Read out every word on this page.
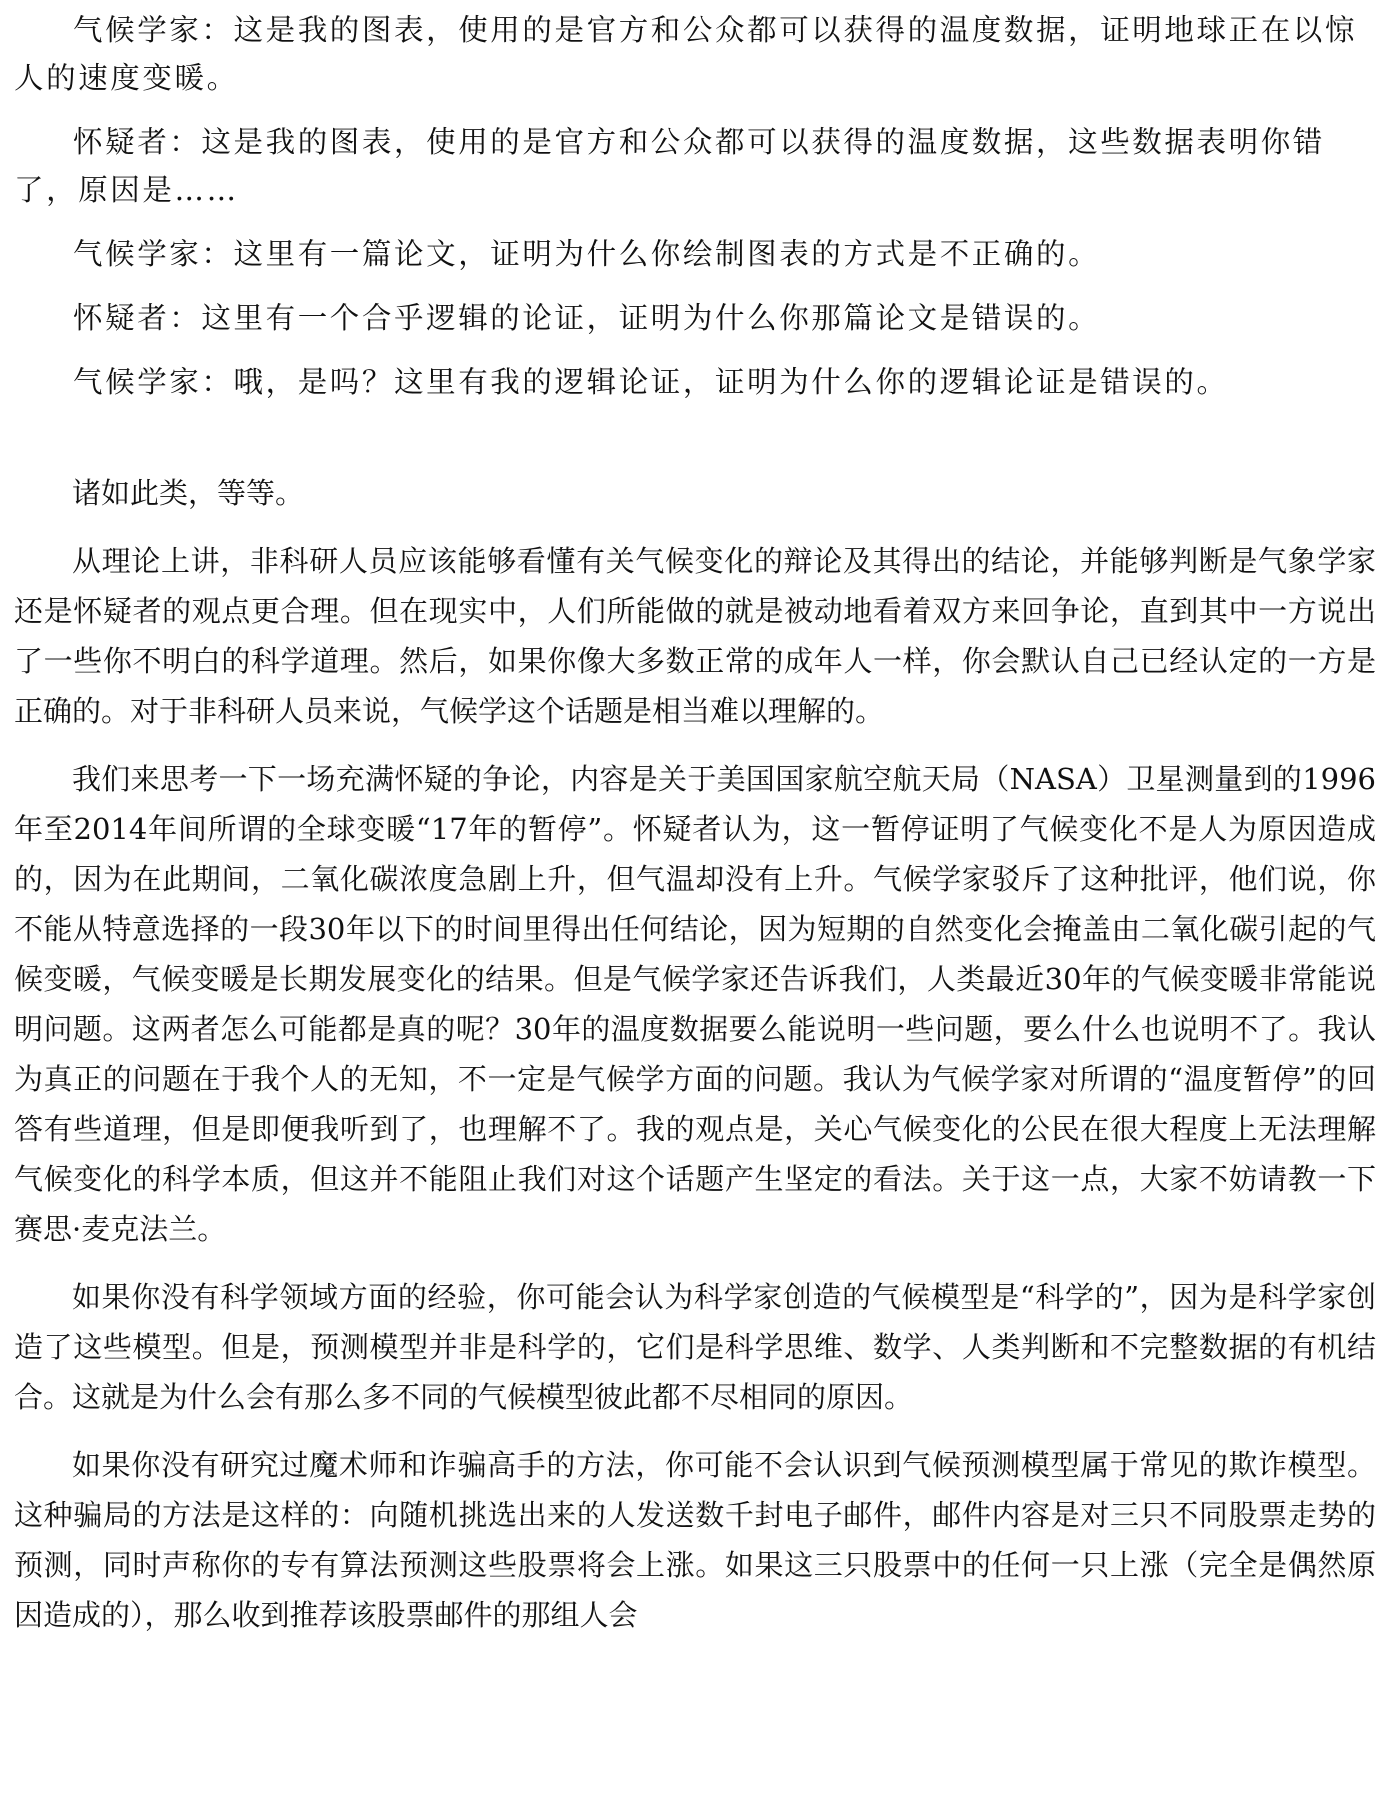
气候学家：这是我的图表，使用的是官方和公众都可以获得的温度数据，证明地球正在以惊人的速度变暖。

怀疑者：这是我的图表，使用的是官方和公众都可以获得的温度数据，这些数据表明你错了，原因是……

气候学家：这里有一篇论文，证明为什么你绘制图表的方式是不正确的。

怀疑者：这里有一个合乎逻辑的论证，证明为什么你那篇论文是错误的。

气候学家：哦，是吗？这里有我的逻辑论证，证明为什么你的逻辑论证是错误的。

诸如此类，等等。

从理论上讲，非科研人员应该能够看懂有关气候变化的辩论及其得出的结论，并能够判断是气象学家还是怀疑者的观点更合理。但在现实中，人们所能做的就是被动地看着双方来回争论，直到其中一方说出了一些你不明白的科学道理。然后，如果你像大多数正常的成年人一样，你会默认自己已经认定的一方是正确的。对于非科研人员来说，气候学这个话题是相当难以理解的。

我们来思考一下一场充满怀疑的争论，内容是关于美国国家航空航天局（NASA）卫星测量到的1996年至2014年间所谓的全球变暖“17年的暂停”。怀疑者认为，这一暂停证明了气候变化不是人为原因造成的，因为在此期间，二氧化碳浓度急剧上升，但气温却没有上升。气候学家驳斥了这种批评，他们说，你不能从特意选择的一段30年以下的时间里得出任何结论，因为短期的自然变化会掩盖由二氧化碳引起的气候变暖，气候变暖是长期发展变化的结果。但是气候学家还告诉我们，人类最近30年的气候变暖非常能说明问题。这两者怎么可能都是真的呢？30年的温度数据要么能说明一些问题，要么什么也说明不了。我认为真正的问题在于我个人的无知，不一定是气候学方面的问题。我认为气候学家对所谓的“温度暂停”的回答有些道理，但是即便我听到了，也理解不了。我的观点是，关心气候变化的公民在很大程度上无法理解气候变化的科学本质，但这并不能阻止我们对这个话题产生坚定的看法。关于这一点，大家不妨请教一下赛思·麦克法兰。

如果你没有科学领域方面的经验，你可能会认为科学家创造的气候模型是“科学的”，因为是科学家创造了这些模型。但是，预测模型并非是科学的，它们是科学思维、数学、人类判断和不完整数据的有机结合。这就是为什么会有那么多不同的气候模型彼此都不尽相同的原因。

如果你没有研究过魔术师和诈骗高手的方法，你可能不会认识到气候预测模型属于常见的欺诈模型。这种骗局的方法是这样的：向随机挑选出来的人发送数千封电子邮件，邮件内容是对三只不同股票走势的预测，同时声称你的专有算法预测这些股票将会上涨。如果这三只股票中的任何一只上涨（完全是偶然原因造成的），那么收到推荐该股票邮件的那组人会
